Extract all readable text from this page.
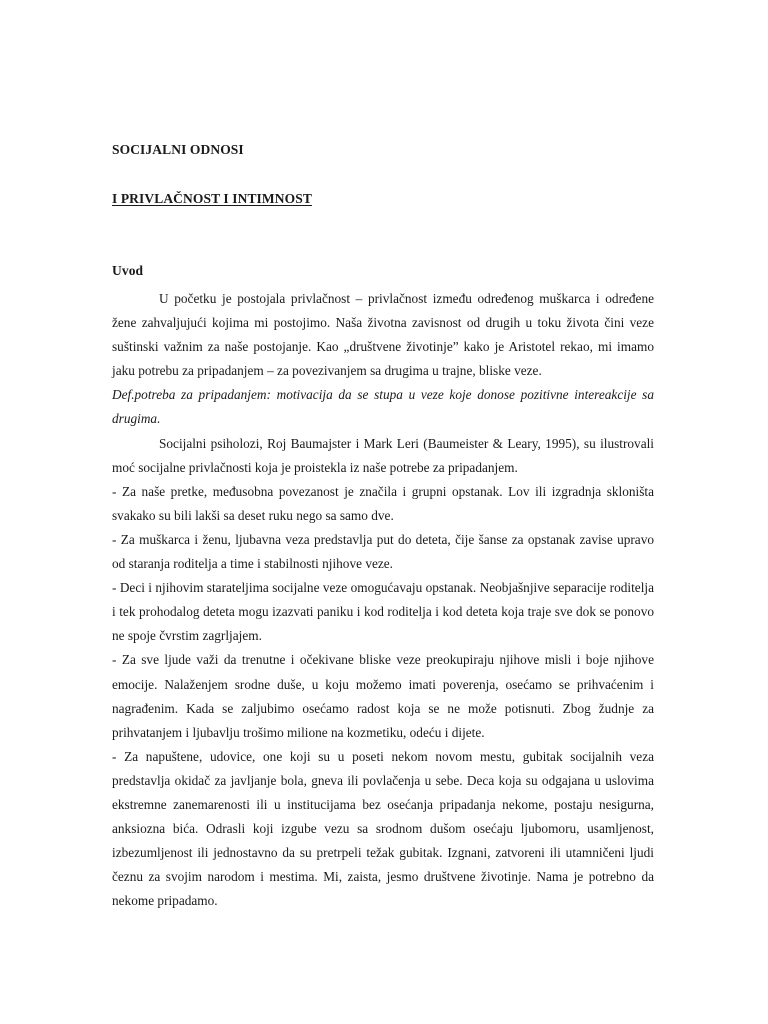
SOCIJALNI ODNOSI
I PRIVLAČNOST I INTIMNOST
Uvod

U početku je postojala privlačnost – privlačnost između određenog muškarca i određene žene zahvaljujući kojima mi postojimo. Naša životna zavisnost od drugih u toku života čini veze suštinski važnim za naše postojanje. Kao „društvene životinje” kako je Aristotel rekao, mi imamo jaku potrebu za pripadanjem – za povezivanjem sa drugima u trajne, bliske veze.

Def.potreba za pripadanjem: motivacija da se stupa u veze koje donose pozitivne intereakcije sa drugima.

Socijalni psiholozi, Roj Baumajster i Mark Leri (Baumeister & Leary, 1995), su ilustrovali moć socijalne privlačnosti koja je proistekla iz naše potrebe za pripadanjem.

- Za naše pretke, međusobna povezanost je značila i grupni opstanak. Lov ili izgradnja skloništa svakako su bili lakši sa deset ruku nego sa samo dve.

- Za muškarca i ženu, ljubavna veza predstavlja put do deteta, čije šanse za opstanak zavise upravo od staranja roditelja a time i stabilnosti njihove veze.

- Deci i njihovim starateljima socijalne veze omogućavaju opstanak. Neobjašnjive separacije roditelja i tek prohodalog deteta mogu izazvati paniku i kod roditelja i kod deteta koja traje sve dok se ponovo ne spoje čvrstim zagrljajem.

- Za sve ljude važi da trenutne i očekivane bliske veze preokupiraju njihove misli i boje njihove emocije. Nalaženjem srodne duše, u koju možemo imati poverenja, osećamo se prihvaćenim i nagrađenim. Kada se zaljubimo osećamo radost koja se ne može potisnuti. Zbog žudnje za prihvatanjem i ljubavlju trošimo milione na kozmetiku, odeću i dijete.

- Za napuštene, udovice, one koji su u poseti nekom novom mestu, gubitak socijalnih veza predstavlja okidač za javljanje bola, gneva ili povlačenja u sebe. Deca koja su odgajana u uslovima ekstremne zanemarenosti ili u institucijama bez osećanja pripadanja nekome, postaju nesigurna, anksiozna bića. Odrasli koji izgube vezu sa srodnom dušom osećaju ljubomoru, usamljenost, izbezumljenost ili jednostavno da su pretrpeli težak gubitak. Izgnani, zatvoreni ili utamničeni ljudi čeznu za svojim narodom i mestima. Mi, zaista, jesmo društvene životinje. Nama je potrebno da nekome pripadamo.
